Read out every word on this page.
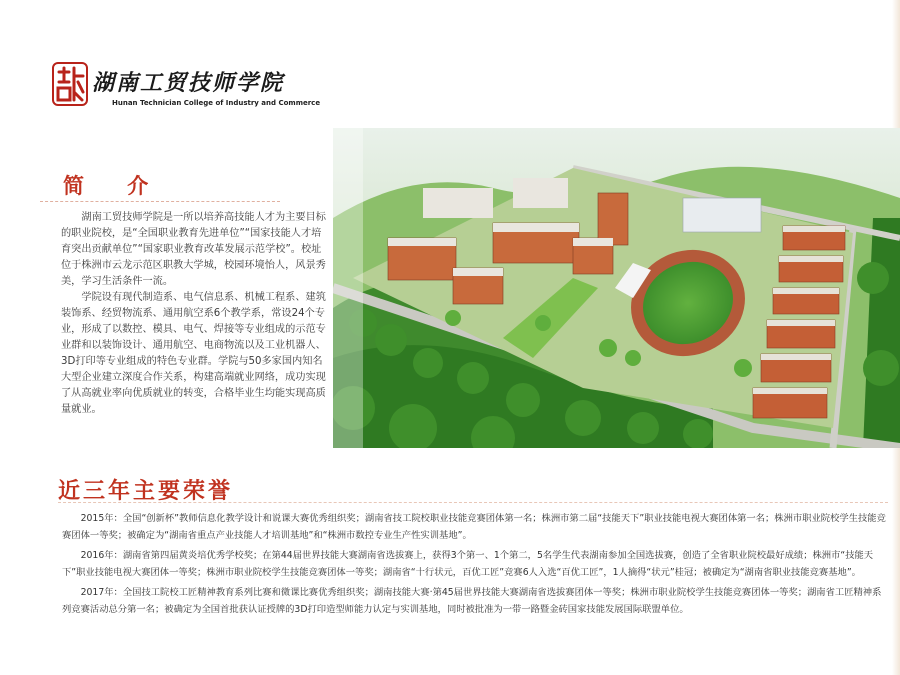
湖南工贸技师学院
Hunan Technician College of Industry and Commerce
简 介

湖南工贸技师学院是一所以培养高技能人才为主要目标的职业院校，是“全国职业教育先进单位”“国家技能人才培育突出贡献单位”“国家职业教育改革发展示范学校”。校址位于株洲市云龙示范区职教大学城，校园环境怡人，风景秀美，学习生活条件一流。

学院设有现代制造系、电气信息系、机械工程系、建筑装饰系、经贸物流系、通用航空系6个教学系，常设24个专业，形成了以数控、模具、电气、焊接等专业组成的示范专业群和以装饰设计、通用航空、电商物流以及工业机器人、3D打印等专业组成的特色专业群。学院与50多家国内知名大型企业建立深度合作关系，构建高端就业网络，成功实现了从高就业率向优质就业的转变，合格毕业生均能实现高质量就业。

近三年主要荣誉

2015年：全国“创新杯”教师信息化教学设计和说课大赛优秀组织奖；湖南省技工院校职业技能竞赛团体第一名；株洲市第二届“技能天下”职业技能电视大赛团体第一名；株洲市职业院校学生技能竞赛团体一等奖；被确定为“湖南省重点产业技能人才培训基地”和“株洲市数控专业生产性实训基地”。

2016年：湖南省第四届黄炎培优秀学校奖；在第44届世界技能大赛湖南省选拔赛上，获得3个第一、1个第二，5名学生代表湖南参加全国选拔赛，创造了全省职业院校最好成绩；株洲市“技能天下”职业技能电视大赛团体一等奖；株洲市职业院校学生技能竞赛团体一等奖；湖南省“十行状元，百优工匠”竞赛6人入选“百优工匠”，1人摘得“状元”桂冠；被确定为“湖南省职业技能竞赛基地”。

2017年：全国技工院校工匠精神教育系列比赛和微课比赛优秀组织奖；湖南技能大赛·第45届世界技能大赛湖南省选拔赛团体一等奖；株洲市职业院校学生技能竞赛团体一等奖；湖南省工匠精神系列竞赛活动总分第一名；被确定为全国首批获认证授牌的3D打印造型师能力认定与实训基地，同时被批准为一带一路暨金砖国家技能发展国际联盟单位。
